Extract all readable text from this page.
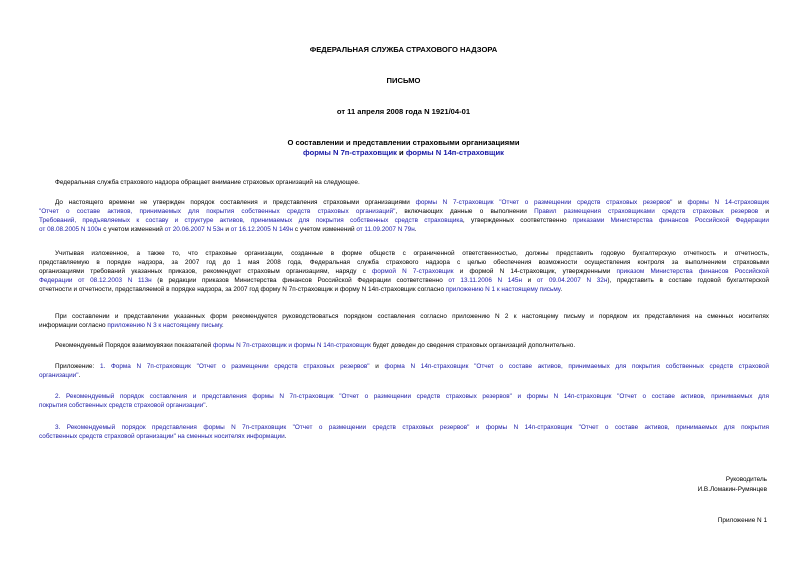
ФЕДЕРАЛЬНАЯ СЛУЖБА СТРАХОВОГО НАДЗОРА
ПИСЬМО
от 11 апреля 2008 года N 1921/04-01
О составлении и представлении страховыми организациями
формы N 7п-страховщик и формы N 14п-страховщик
Федеральная служба страхового надзора обращает внимание страховых организаций на следующее.
До настоящего времени не утвержден порядок составления и представления страховыми организациями формы N 7-страховщик "Отчет о размещении средств страховых резервов" и формы N 14-страховщик
"Отчет о составе активов, принимаемых для покрытия собственных средств страховых организаций", включающих данные о выполнении Правил размещения страховщиками средств страховых резервов и
Требований, предъявляемых к составу и структуре активов, принимаемых для покрытия собственных средств страховщика, утвержденных соответственно приказами Министерства финансов Российской Федерации
от 08.08.2005 N 100н с учетом изменений от 20.06.2007 N 53н и от 16.12.2005 N 149н с учетом изменений от 11.09.2007 N 79н.
Учитывая изложенное, а также то, что страховые организации, созданные в форме обществ с ограниченной ответственностью, должны представить годовую бухгалтерскую отчетность и отчетность,
представляемую в порядке надзора, за 2007 год до 1 мая 2008 года, Федеральная служба страхового надзора с целью обеспечения возможности осуществления контроля за выполнением страховыми
организациями требований указанных приказов, рекомендует страховым организациям, наряду с формой N 7-страховщик и формой N 14-страховщик, утвержденными приказом Министерства финансов Российской
Федерации от 08.12.2003 N 113н (в редакции приказов Министерства финансов Российской Федерации соответственно от 13.11.2006 N 145н и от 09.04.2007 N 32н), представить в составе годовой бухгалтерской
отчетности и отчетности, представляемой в порядке надзора, за 2007 год форму N 7п-страховщик и форму N 14п-страховщик согласно приложению N 1 к настоящему письму.
При составлении и представлении указанных форм рекомендуется руководствоваться порядком составления согласно приложению N 2 к настоящему письму и порядком их представления на сменных носителях
информации согласно приложению N 3 к настоящему письму.
Рекомендуемый Порядок взаимоувязки показателей формы N 7п-страховщик и формы N 14п-страховщик будет доведен до сведения страховых организаций дополнительно.
Приложение: 1. Форма N 7п-страховщик "Отчет о размещении средств страховых резервов" и форма N 14п-страховщик "Отчет о составе активов, принимаемых для покрытия собственных средств страховой
организации".
2. Рекомендуемый порядок составления и представления формы N 7п-страховщик "Отчет о размещении средств страховых резервов" и формы N 14п-страховщик "Отчет о составе активов, принимаемых для
покрытия собственных средств страховой организации".
3. Рекомендуемый порядок представления формы N 7п-страховщик "Отчет о размещении средств страховых резервов" и формы N 14п-страховщик "Отчет о составе активов, принимаемых для покрытия
собственных средств страховой организации" на сменных носителях информации.
Руководитель
И.В.Ломакин-Румянцев
Приложение N 1
